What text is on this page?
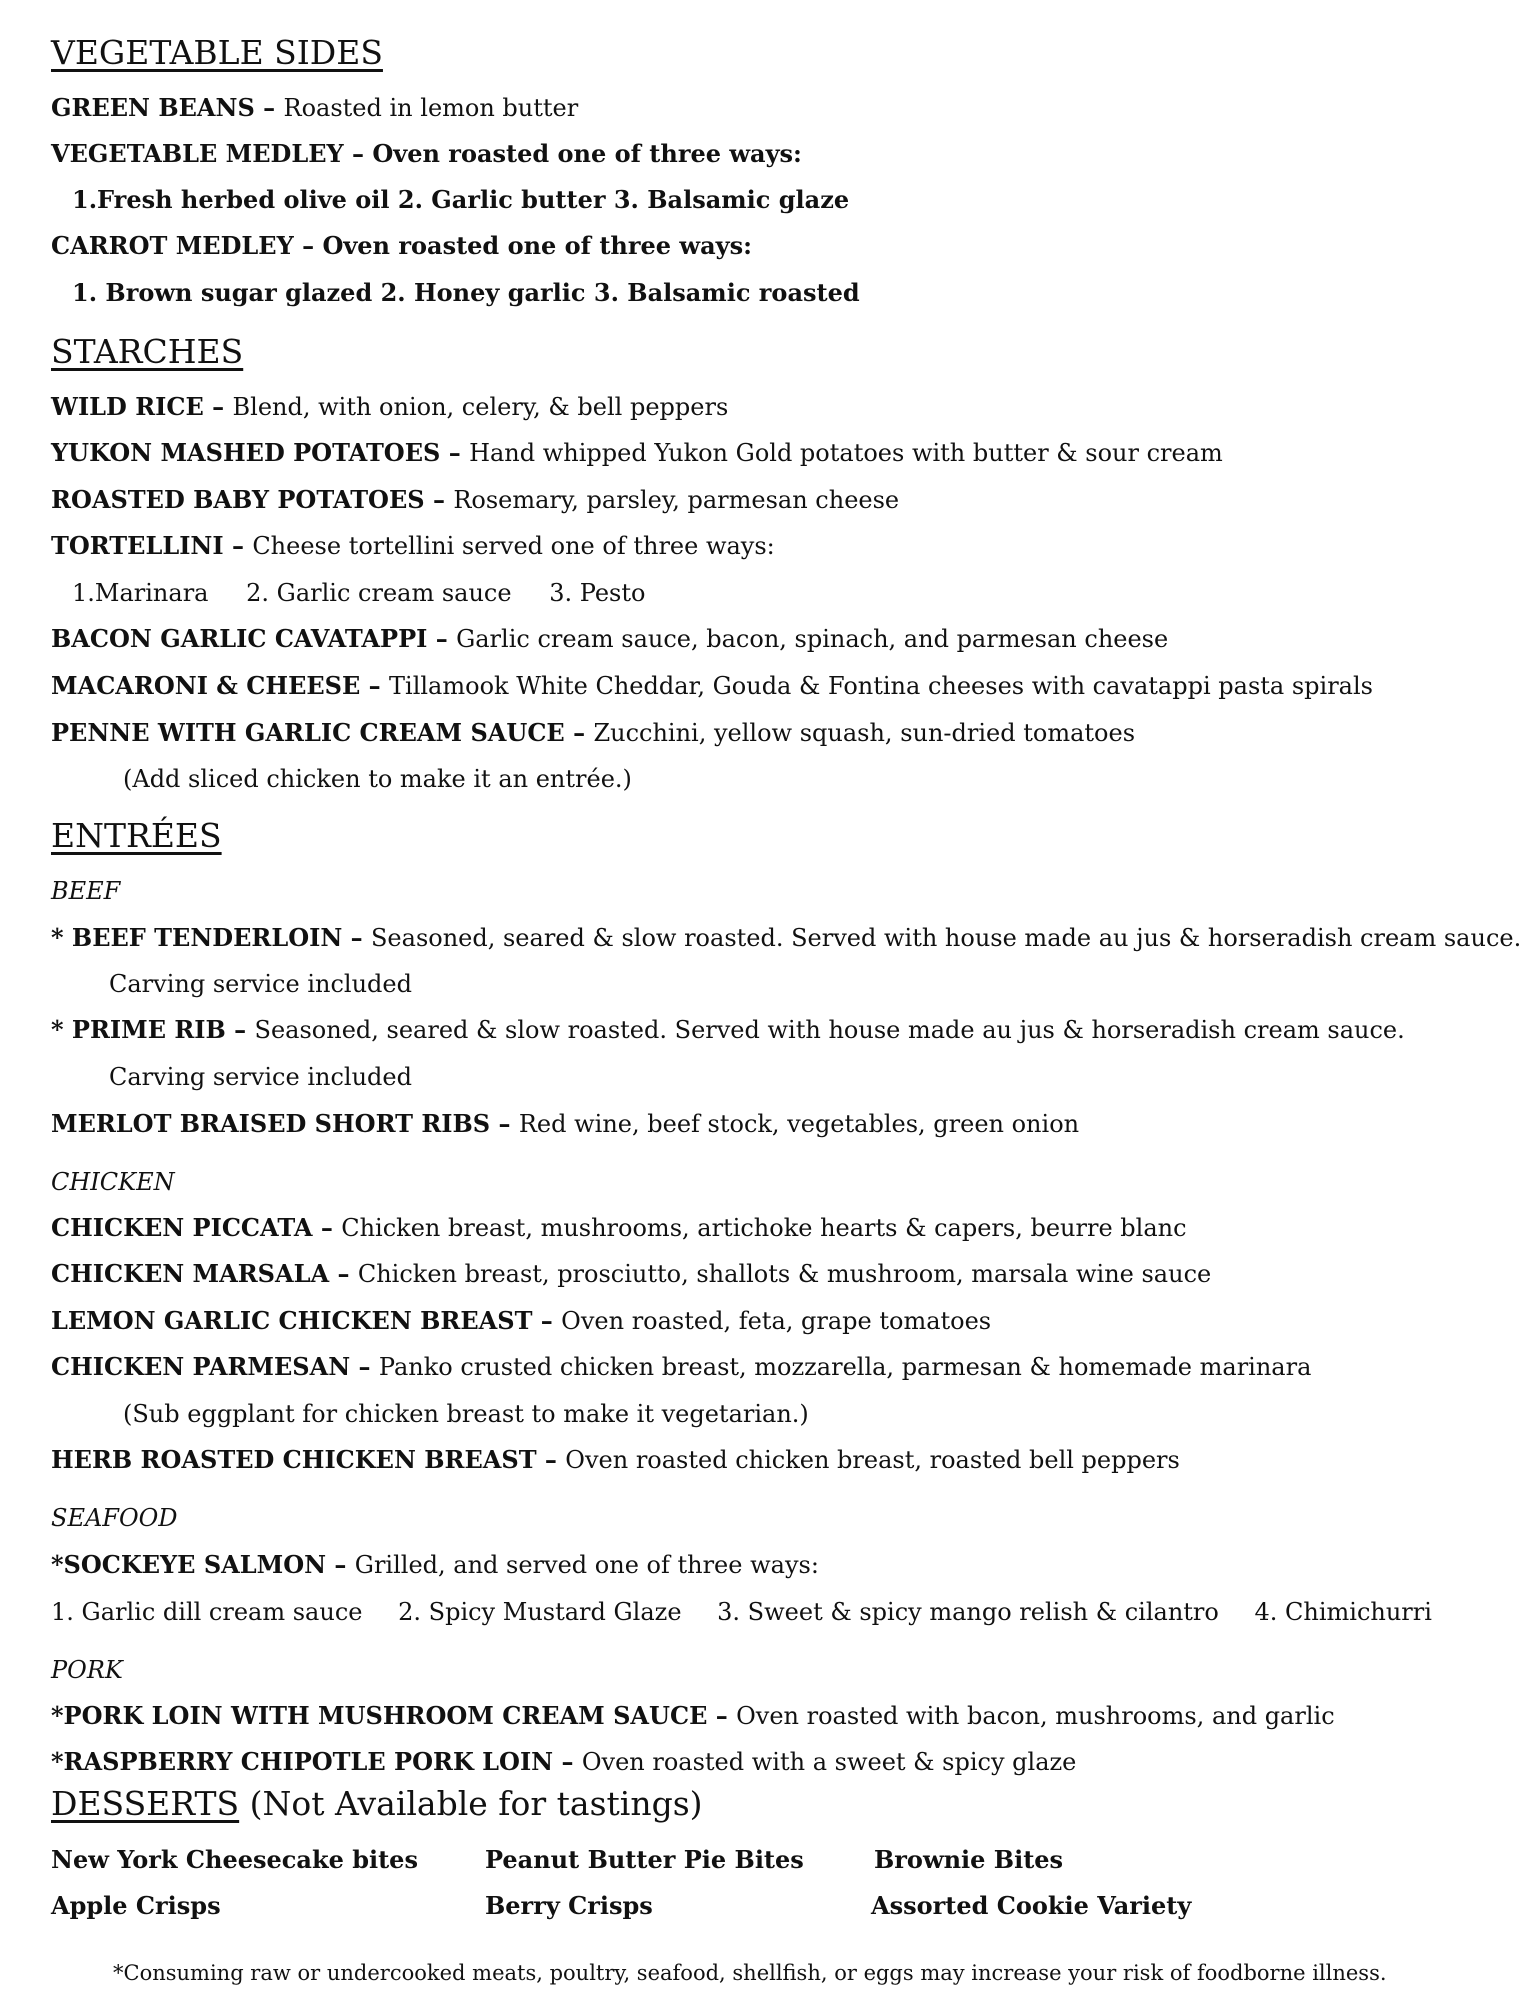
VEGETABLE SIDES
GREEN BEANS – Roasted in lemon butter
VEGETABLE MEDLEY – Oven roasted one of three ways:
1.Fresh herbed olive oil 2. Garlic butter 3. Balsamic glaze
CARROT MEDLEY – Oven roasted one of three ways:
1. Brown sugar glazed 2. Honey garlic 3. Balsamic roasted
STARCHES
WILD RICE – Blend, with onion, celery, & bell peppers
YUKON MASHED POTATOES – Hand whipped Yukon Gold potatoes with butter & sour cream
ROASTED BABY POTATOES – Rosemary, parsley, parmesan cheese
TORTELLINI – Cheese tortellini served one of three ways:
1.Marinara 2. Garlic cream sauce 3. Pesto
BACON GARLIC CAVATAPPI – Garlic cream sauce, bacon, spinach, and parmesan cheese
MACARONI & CHEESE – Tillamook White Cheddar, Gouda & Fontina cheeses with cavatappi pasta spirals
PENNE WITH GARLIC CREAM SAUCE – Zucchini, yellow squash, sun-dried tomatoes
(Add sliced chicken to make it an entrée.)
ENTRÉES
BEEF
* BEEF TENDERLOIN – Seasoned, seared & slow roasted. Served with house made au jus & horseradish cream sauce.
Carving service included
* PRIME RIB – Seasoned, seared & slow roasted. Served with house made au jus & horseradish cream sauce.
Carving service included
MERLOT BRAISED SHORT RIBS – Red wine, beef stock, vegetables, green onion
CHICKEN
CHICKEN PICCATA – Chicken breast, mushrooms, artichoke hearts & capers, beurre blanc
CHICKEN MARSALA – Chicken breast, prosciutto, shallots & mushroom, marsala wine sauce
LEMON GARLIC CHICKEN BREAST – Oven roasted, feta, grape tomatoes
CHICKEN PARMESAN – Panko crusted chicken breast, mozzarella, parmesan & homemade marinara
(Sub eggplant for chicken breast to make it vegetarian.)
HERB ROASTED CHICKEN BREAST – Oven roasted chicken breast, roasted bell peppers
SEAFOOD
*SOCKEYE SALMON – Grilled, and served one of three ways:
1. Garlic dill cream sauce 2. Spicy Mustard Glaze 3. Sweet & spicy mango relish & cilantro 4. Chimichurri
PORK
*PORK LOIN WITH MUSHROOM CREAM SAUCE – Oven roasted with bacon, mushrooms, and garlic
*RASPBERRY CHIPOTLE PORK LOIN – Oven roasted with a sweet & spicy glaze
DESSERTS (Not Available for tastings)
New York Cheesecake bites	Peanut Butter Pie Bites	Brownie Bites
Apple Crisps	Berry Crisps	Assorted Cookie Variety
*Consuming raw or undercooked meats, poultry, seafood, shellfish, or eggs may increase your risk of foodborne illness.
